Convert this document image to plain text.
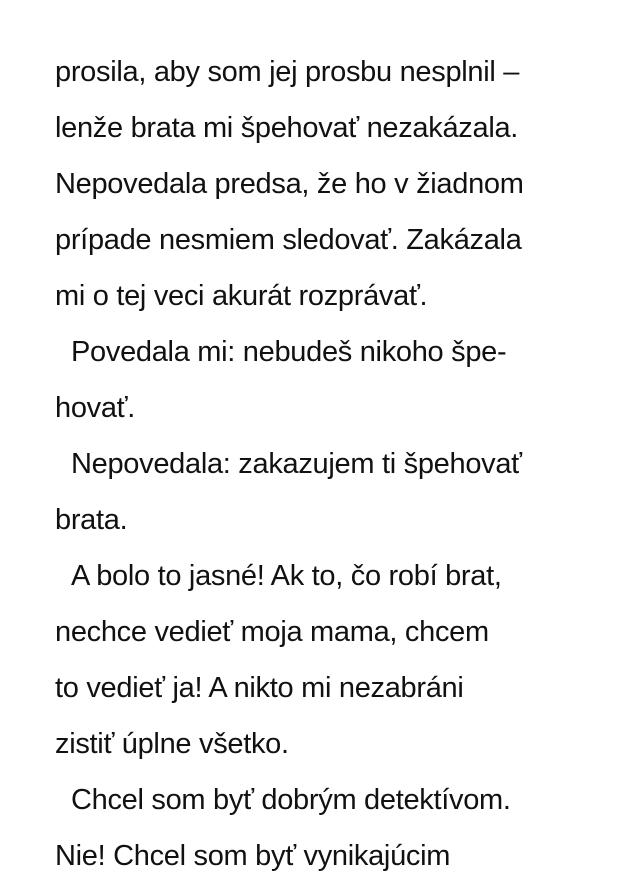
prosila, aby som jej prosbu nesplnil –
lenže brata mi špehovať nezakázala.
Nepovedala predsa, že ho v žiadnom
prípade nesmiem sledovať. Zakázala
mi o tej veci akurát rozprávať.
Povedala mi: nebudeš nikoho špe-
hovať.
Nepovedala: zakazujem ti špehovať
brata.
A bolo to jasné! Ak to, čo robí brat,
nechce vedieť moja mama, chcem
to vedieť ja! A nikto mi nezabráni
zistiť úplne všetko.
Chcel som byť dobrým detektívom.
Nie! Chcel som byť vynikajúcim
